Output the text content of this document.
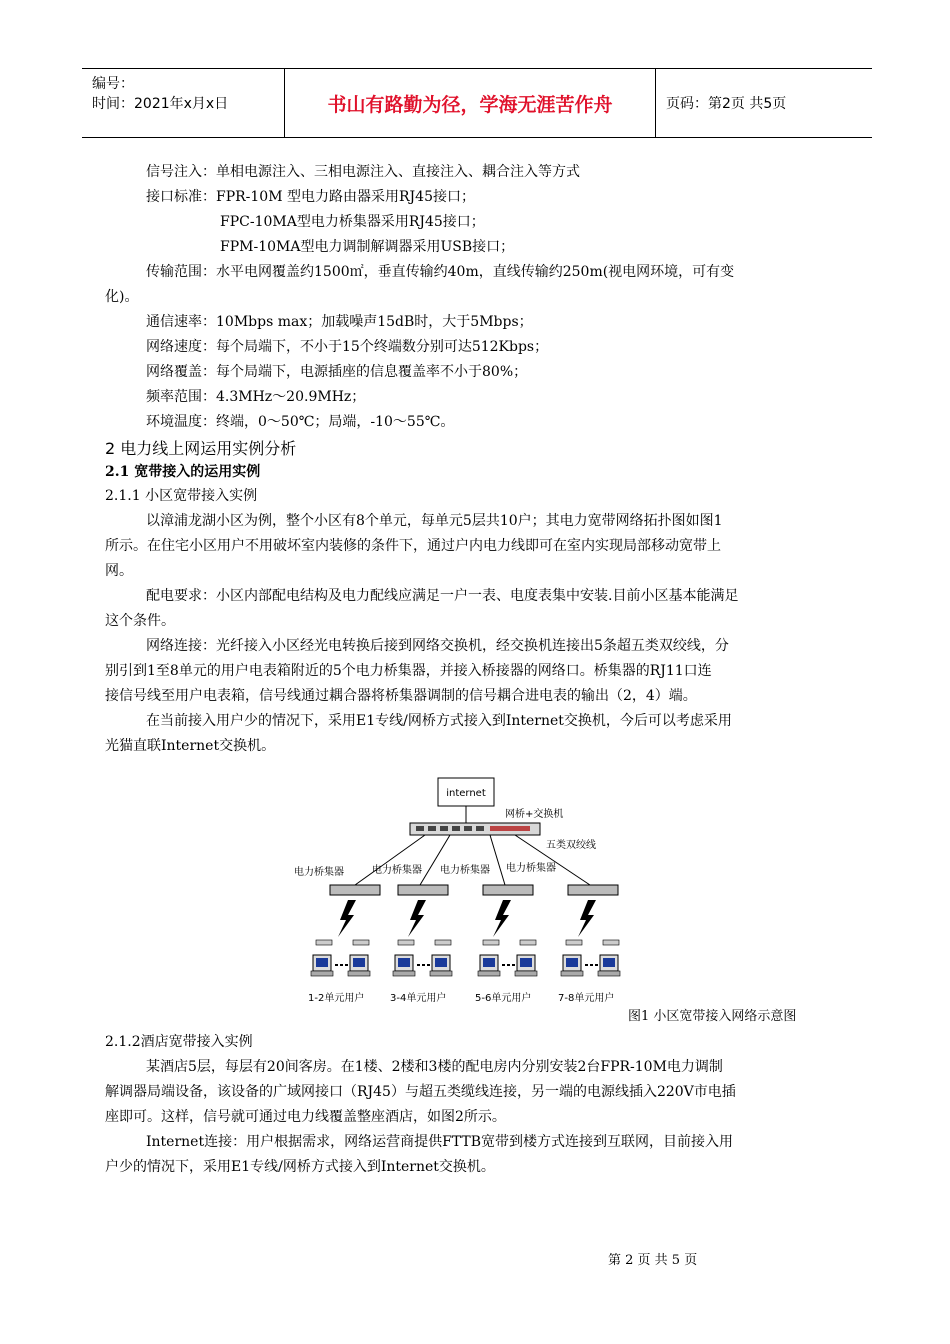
编号：
时间：2021年x月x日	书山有路勤为径，学海无涯苦作舟	页码：第2页 共5页
信号注入：单相电源注入、三相电源注入、直接注入、耦合注入等方式
接口标准：FPR-10M 型电力路由器采用RJ45接口；
FPC-10MA型电力桥集器采用RJ45接口；
FPM-10MA型电力调制解调器采用USB接口；
传输范围：水平电网覆盖约1500㎡，垂直传输约40m，直线传输约250m(视电网环境，可有变
化)。
通信速率：10Mbps max；加载噪声15dB时，大于5Mbps；
网络速度：每个局端下，不小于15个终端数分别可达512Kbps；
网络覆盖：每个局端下，电源插座的信息覆盖率不小于80%；
频率范围：4.3MHz～20.9MHz；
环境温度：终端，0～50℃；局端，-10～55℃。
2 电力线上网运用实例分析
2.1 宽带接入的运用实例
2.1.1 小区宽带接入实例
以漳浦龙湖小区为例，整个小区有8个单元，每单元5层共10户；其电力宽带网络拓扑图如图1
所示。在住宅小区用户不用破坏室内装修的条件下，通过户内电力线即可在室内实现局部移动宽带上
网。
配电要求：小区内部配电结构及电力配线应满足一户一表、电度表集中安装.目前小区基本能满足
这个条件。
网络连接：光纤接入小区经光电转换后接到网络交换机，经交换机连接出5条超五类双绞线，分
别引到1至8单元的用户电表箱附近的5个电力桥集器，并接入桥接器的网络口。桥集器的RJ11口连
接信号线至用户电表箱，信号线通过耦合器将桥集器调制的信号耦合进电表的输出（2，4）端。
在当前接入用户少的情况下，采用E1专线/网桥方式接入到Internet交换机，今后可以考虑采用
光猫直联Internet交换机。
internet
网桥+交换机
五类双绞线
电力桥集器	电力桥集器 电力桥集器 电力桥集器
1-2单元用户	3-4单元用户	5-6单元用户	7-8单元用户
图1 小区宽带接入网络示意图
2.1.2酒店宽带接入实例
某酒店5层，每层有20间客房。在1楼、2楼和3楼的配电房内分别安装2台FPR-10M电力调制
解调器局端设备，该设备的广域网接口（RJ45）与超五类缆线连接，另一端的电源线插入220V市电插
座即可。这样，信号就可通过电力线覆盖整座酒店，如图2所示。
Internet连接：用户根据需求，网络运营商提供FTTB宽带到楼方式连接到互联网，目前接入用
户少的情况下，采用E1专线/网桥方式接入到Internet交换机。
第 2 页 共 5 页
